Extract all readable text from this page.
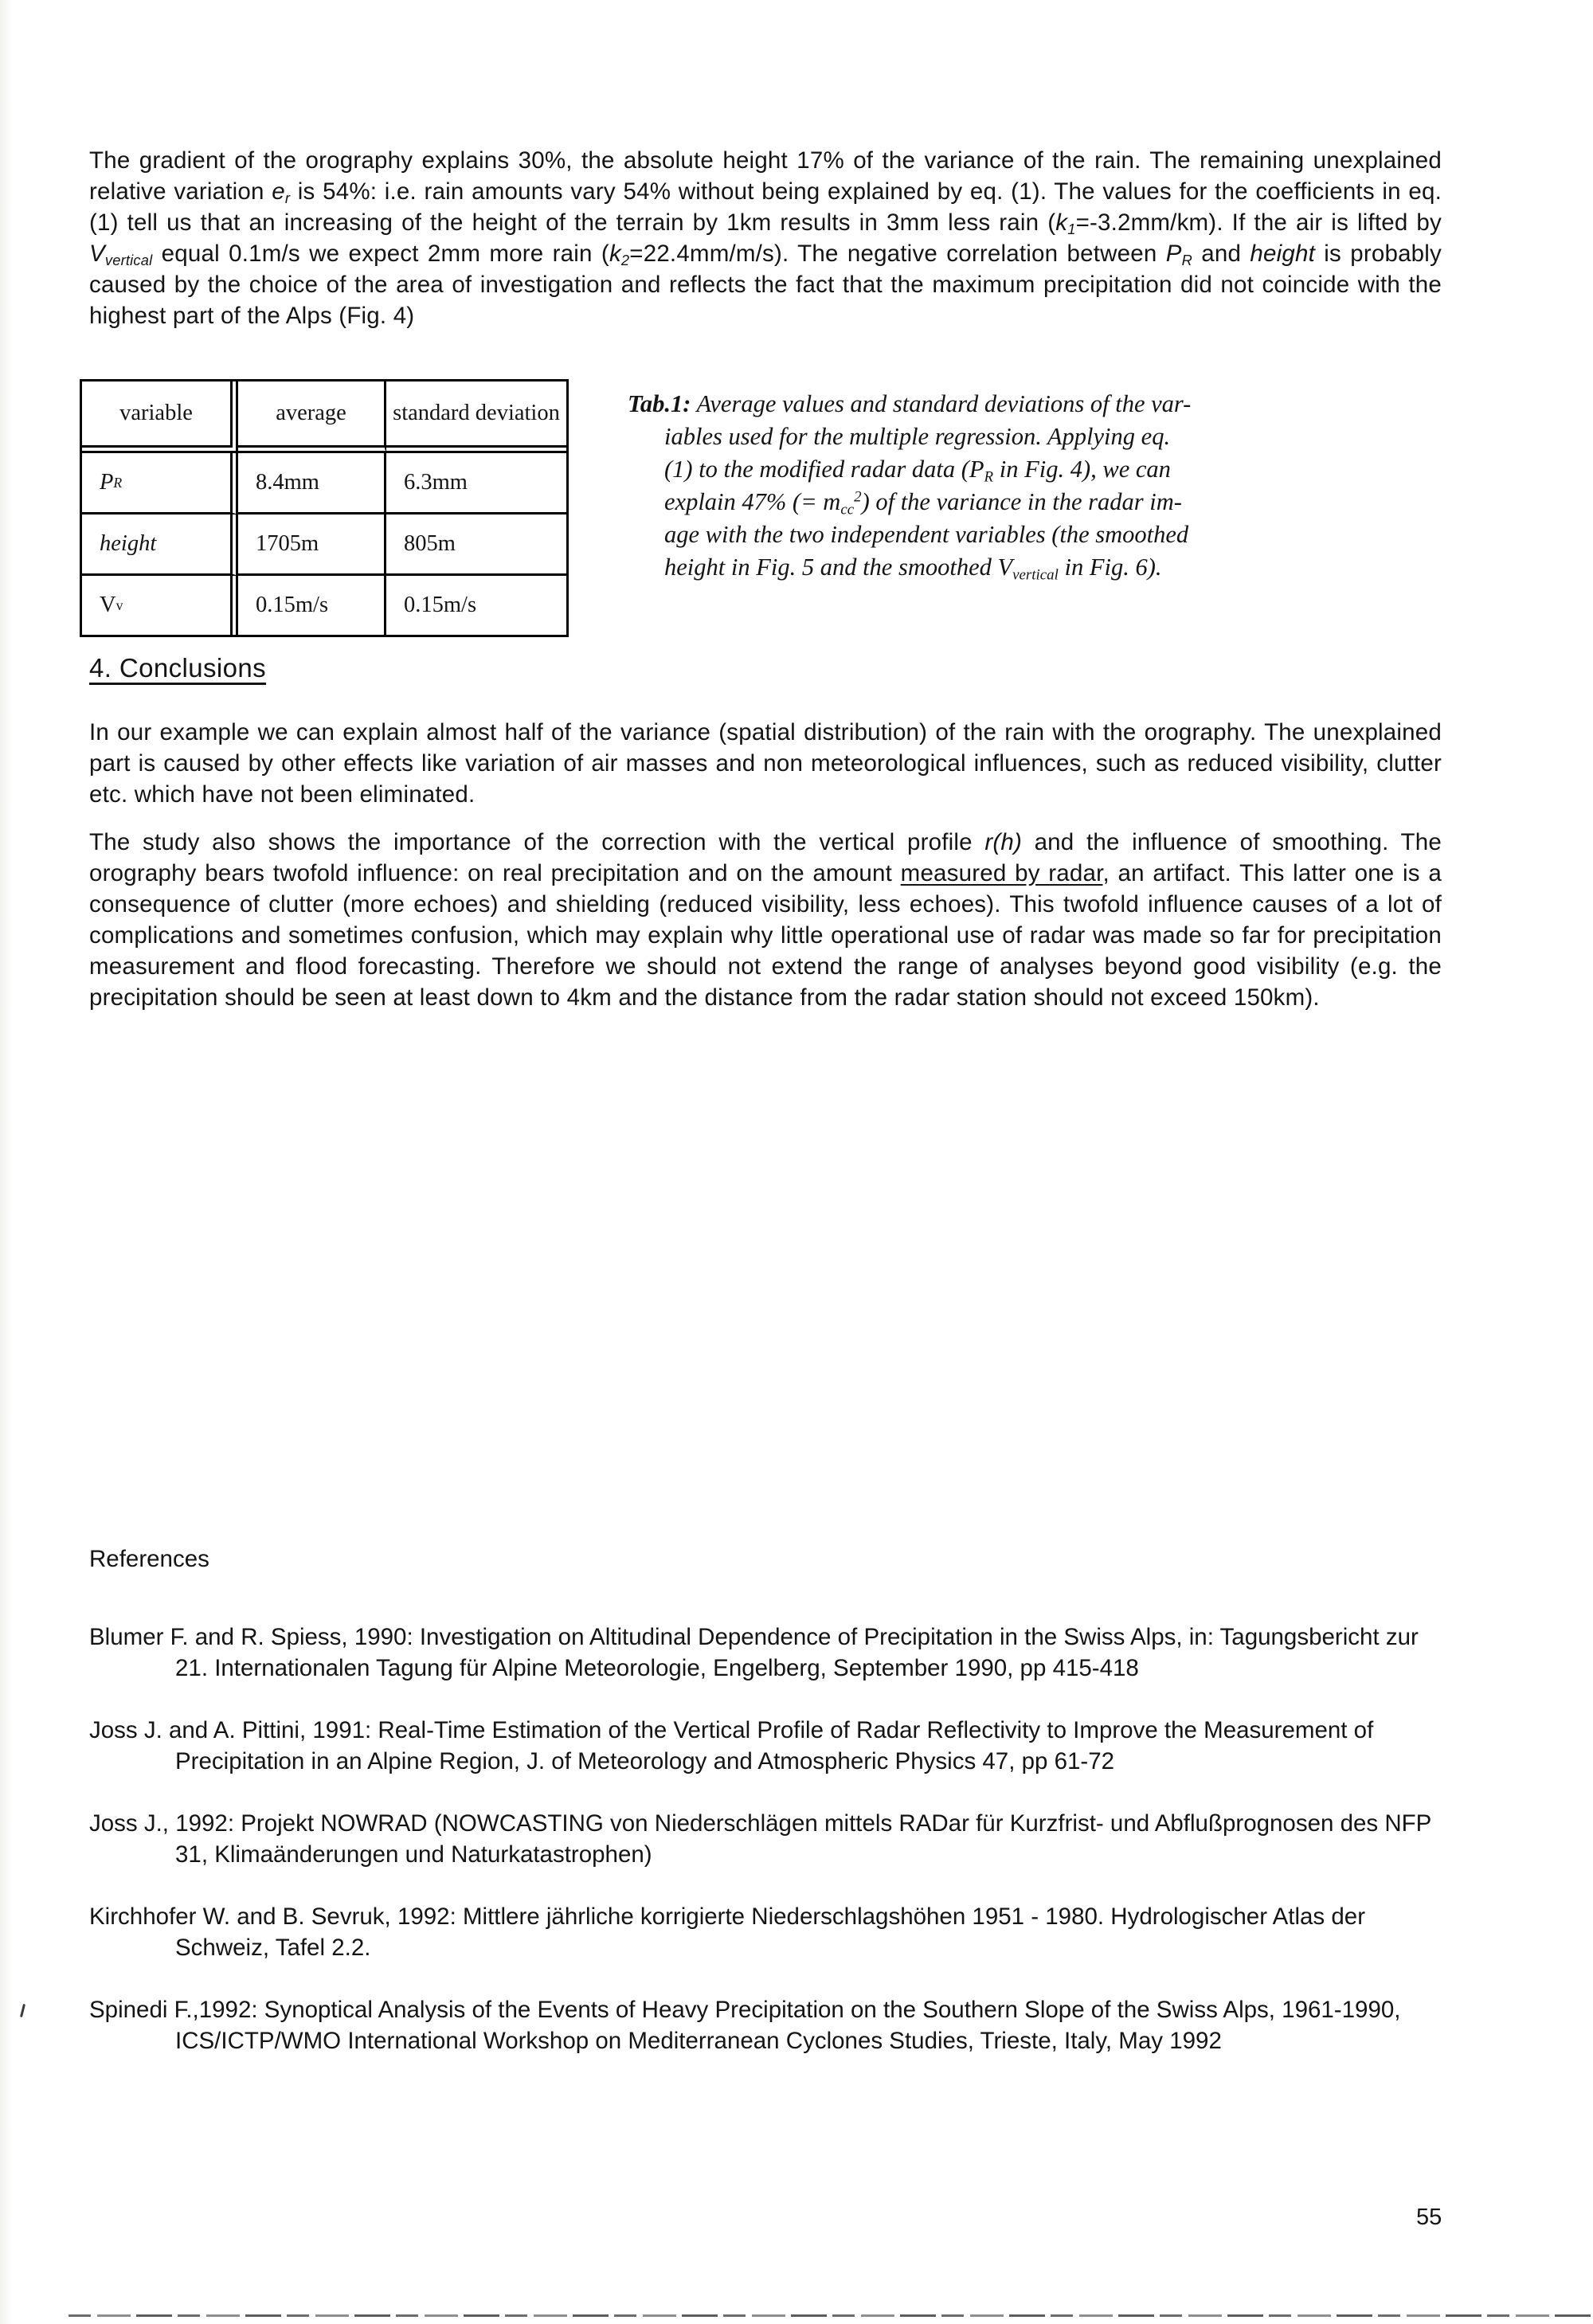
The gradient of the orography explains 30%, the absolute height 17% of the variance of the rain. The remaining unexplained relative variation $e_r$ is 54%: i.e. rain amounts vary 54% without being explained by eq. (1). The values for the coefficients in eq. (1) tell us that an increasing of the height of the terrain by 1km results in 3mm less rain $(k_1=-3.2mm/km)$. If the air is lifted by $V_{vertical}$ equal 0.1m/s we expect 2mm more rain $(k_2=22.4mm/m/s)$. The negative correlation between $P_R$ and height is probably caused by the choice of the area of investigation and reflects the fact that the maximum precipitation did not coincide with the highest part of the Alps (Fig. 4)

variable	average	standard deviation
P R	8.4mm	6.3mm
height	1705m	805m
V v	0.15m/s	0.15m/s
Tab.1: Average values and standard deviations of the var-
iables used for the multiple regression. Applying eq.
(1) to the modified radar data ($P_R$ in Fig. 4), we can
explain 47% (= $m_{cc}^2$) of the variance in the radar im-
age with the two independent variables (the smoothed
height in Fig. 5 and the smoothed $V_{vertical}$ in Fig. 6).
4. Conclusions

In our example we can explain almost half of the variance (spatial distribution) of the rain with the orography. The unexplained part is caused by other effects like variation of air masses and non meteorological influences, such as reduced visibility, clutter etc. which have not been eliminated.

The study also shows the importance of the correction with the vertical profile r(h) and the influence of smoothing. The orography bears twofold influence: on real precipitation and on the amount measured by radar, an artifact. This latter one is a consequence of clutter (more echoes) and shielding (reduced visibility, less echoes). This twofold influence causes of a lot of complications and sometimes confusion, which may explain why little operational use of radar was made so far for precipitation measurement and flood forecasting. Therefore we should not extend the range of analyses beyond good visibility (e.g. the precipitation should be seen at least down to 4km and the distance from the radar station should not exceed 150km).

References

Blumer F. and R. Spiess, 1990: Investigation on Altitudinal Dependence of Precipitation in the Swiss Alps, in: Tagungsbericht zur 21. Internationalen Tagung für Alpine Meteorologie, Engelberg, September 1990, pp 415-418

Joss J. and A. Pittini, 1991: Real-Time Estimation of the Vertical Profile of Radar Reflectivity to Improve the Measurement of Precipitation in an Alpine Region, J. of Meteorology and Atmospheric Physics 47, pp 61-72

Joss J., 1992: Projekt NOWRAD (NOWCASTING von Niederschlägen mittels RADar für Kurzfrist- und Abflußprognosen des NFP 31, Klimaänderungen und Naturkatastrophen)

Kirchhofer W. and B. Sevruk, 1992: Mittlere jährliche korrigierte Niederschlagshöhen 1951 - 1980. Hydrologischer Atlas der Schweiz, Tafel 2.2.

Spinedi F.,1992: Synoptical Analysis of the Events of Heavy Precipitation on the Southern Slope of the Swiss Alps, 1961-1990, ICS/ICTP/WMO International Workshop on Mediterranean Cyclones Studies, Trieste, Italy, May 1992

55
